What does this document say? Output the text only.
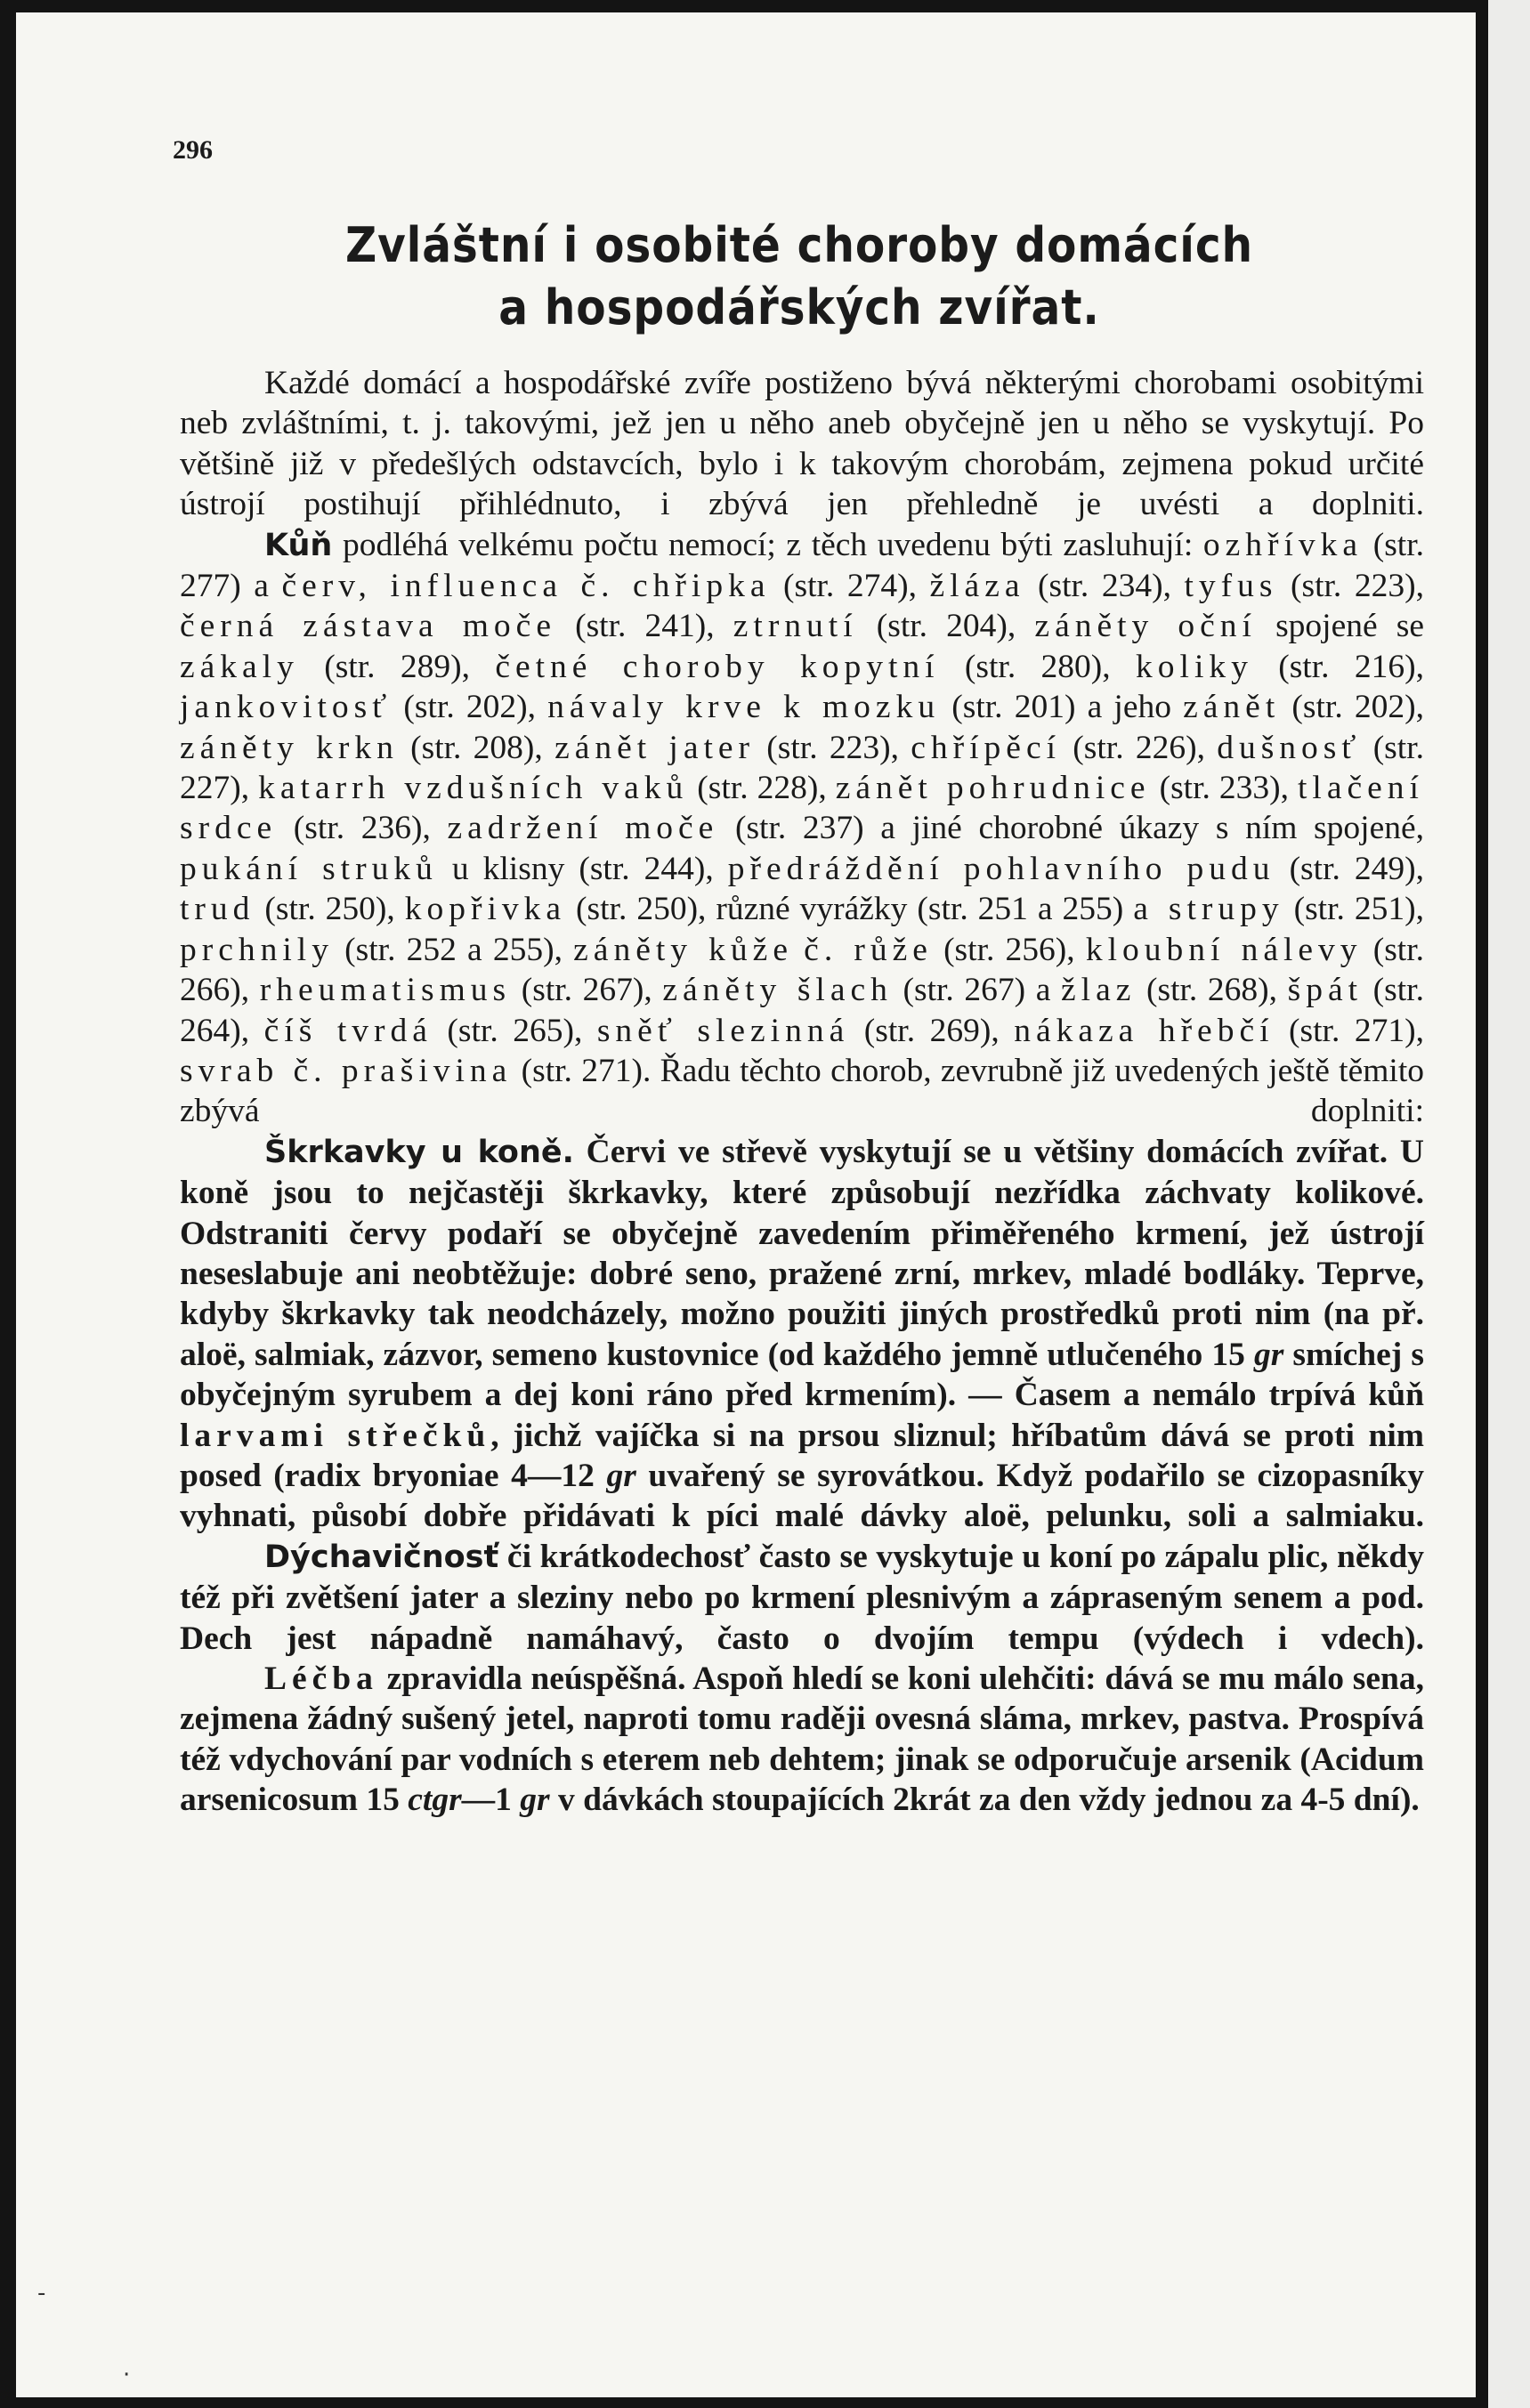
296
Zvláštní i osobité choroby domácích
a hospodářských zvířat.

Každé domácí a hospodářské zvíře postiženo bývá některými chorobami osobitými neb zvláštními, t. j. takovými, jež jen u něho aneb obyčejně jen u něho se vyskytují. Po většině již v předešlých odstavcích, bylo i k takovým chorobám, zejmena pokud určité ústrojí postihují přihlédnuto, i zbývá jen přehledně je uvésti a doplniti.

Kůň podléhá velkému počtu nemocí; z těch uvedenu býti zasluhují: ozhřívka (str. 277) a červ, influenca č. chřipka (str. 274), žláza (str. 234), tyfus (str. 223), černá zástava moče (str. 241), ztrnutí (str. 204), záněty oční spojené se zákaly (str. 289), četné choroby kopytní (str. 280), koliky (str. 216), jankovitosť (str. 202), návaly krve k mozku (str. 201) a jeho zánět (str. 202), záněty krkn (str. 208), zánět jater (str. 223), chřípěcí (str. 226), dušnosť (str. 227), katarrh vzdušních vaků (str. 228), zánět pohrudnice (str. 233), tlačení srdce (str. 236), zadržení moče (str. 237) a jiné chorobné úkazy s ním spojené, pukání struků u klisny (str. 244), předráždění pohlavního pudu (str. 249), trud (str. 250), kopřivka (str. 250), různé vyrážky (str. 251 a 255) a strupy (str. 251), prchnily (str. 252 a 255), záněty kůže č. růže (str. 256), kloubní nálevy (str. 266), rheumatismus (str. 267), záněty šlach (str. 267) a žlaz (str. 268), špát (str. 264), číš tvrdá (str. 265), sněť slezinná (str. 269), nákaza hřebčí (str. 271), svrab č. prašivina (str. 271). Řadu těchto chorob, zevrubně již uvedených ještě těmito zbývá doplniti:

Škrkavky u koně. Červi ve střevě vyskytují se u většiny domácích zvířat. U koně jsou to nejčastěji škrkavky, které způsobují nezřídka záchvaty kolikové. Odstraniti červy podaří se obyčejně zavedením přiměřeného krmení, jež ústrojí neseslabuje ani neobtěžuje: dobré seno, pražené zrní, mrkev, mladé bodláky. Teprve, kdyby škrkavky tak neodcházely, možno použiti jiných prostředků proti nim (na př. aloë, salmiak, zázvor, semeno kustovnice (od každého jemně utlučeného 15 gr smíchej s obyčejným syrubem a dej koni ráno před krmením). — Časem a nemálo trpívá kůň larvami střečků, jichž vajíčka si na prsou sliznul; hříbatům dává se proti nim posed (radix bryoniae 4—12 gr uvařený se syrovátkou. Když podařilo se cizopasníky vyhnati, působí dobře přidávati k píci malé dávky aloë, pelunku, soli a salmiaku.

Dýchavičnosť či krátkodechosť často se vyskytuje u koní po zápalu plic, někdy též při zvětšení jater a sleziny nebo po krmení plesnivým a zápraseným senem a pod. Dech jest nápadně namáhavý, často o dvojím tempu (výdech i vdech).

Léčba zpravidla neúspěšná. Aspoň hledí se koni ulehčiti: dává se mu málo sena, zejmena žádný sušený jetel, naproti tomu raději ovesná sláma, mrkev, pastva. Prospívá též vdychování par vodních s eterem neb dehtem; jinak se odporučuje arsenik (Acidum arsenicosum 15 ctgr—1 gr v dávkách stoupajících 2krát za den vždy jednou za 4-5 dní).

-
·
